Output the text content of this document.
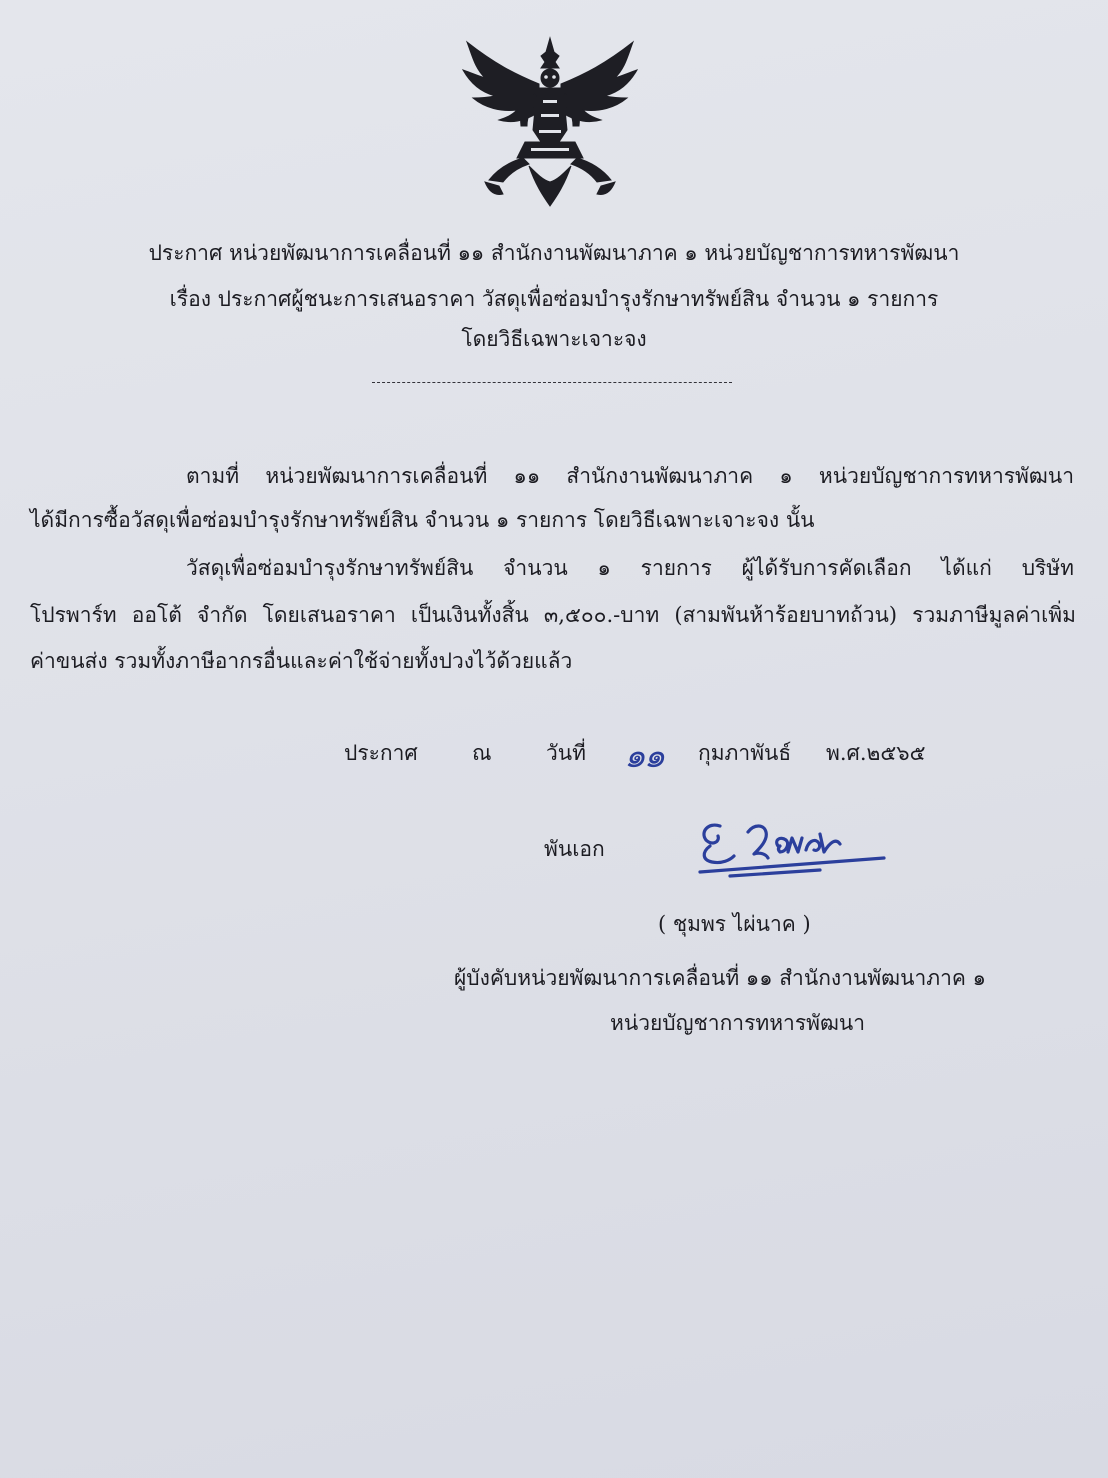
ประกาศ หน่วยพัฒนาการเคลื่อนที่ ๑๑ สำนักงานพัฒนาภาค ๑ หน่วยบัญชาการทหารพัฒนา
เรื่อง ประกาศผู้ชนะการเสนอราคา วัสดุเพื่อซ่อมบำรุงรักษาทรัพย์สิน จำนวน ๑ รายการ
โดยวิธีเฉพาะเจาะจง
ตามที่ หน่วยพัฒนาการเคลื่อนที่ ๑๑ สำนักงานพัฒนาภาค ๑ หน่วยบัญชาการทหารพัฒนา
ได้มีการซื้อวัสดุเพื่อซ่อมบำรุงรักษาทรัพย์สิน จำนวน ๑ รายการ โดยวิธีเฉพาะเจาะจง นั้น
วัสดุเพื่อซ่อมบำรุงรักษาทรัพย์สิน จำนวน ๑ รายการ ผู้ได้รับการคัดเลือก ได้แก่ บริษัท
โปรพาร์ท ออโต้ จำกัด โดยเสนอราคา เป็นเงินทั้งสิ้น ๓,๕๐๐.-บาท (สามพันห้าร้อยบาทถ้วน) รวมภาษีมูลค่าเพิ่ม
ค่าขนส่ง รวมทั้งภาษีอากรอื่นและค่าใช้จ่ายทั้งปวงไว้ด้วยแล้ว
ประกาศ	ณ	วันที่ ๑๑ กุมภาพันธ์ พ.ศ.๒๕๖๕
พันเอก
( ชุมพร ไผ่นาค )
ผู้บังคับหน่วยพัฒนาการเคลื่อนที่ ๑๑ สำนักงานพัฒนาภาค ๑
หน่วยบัญชาการทหารพัฒนา
